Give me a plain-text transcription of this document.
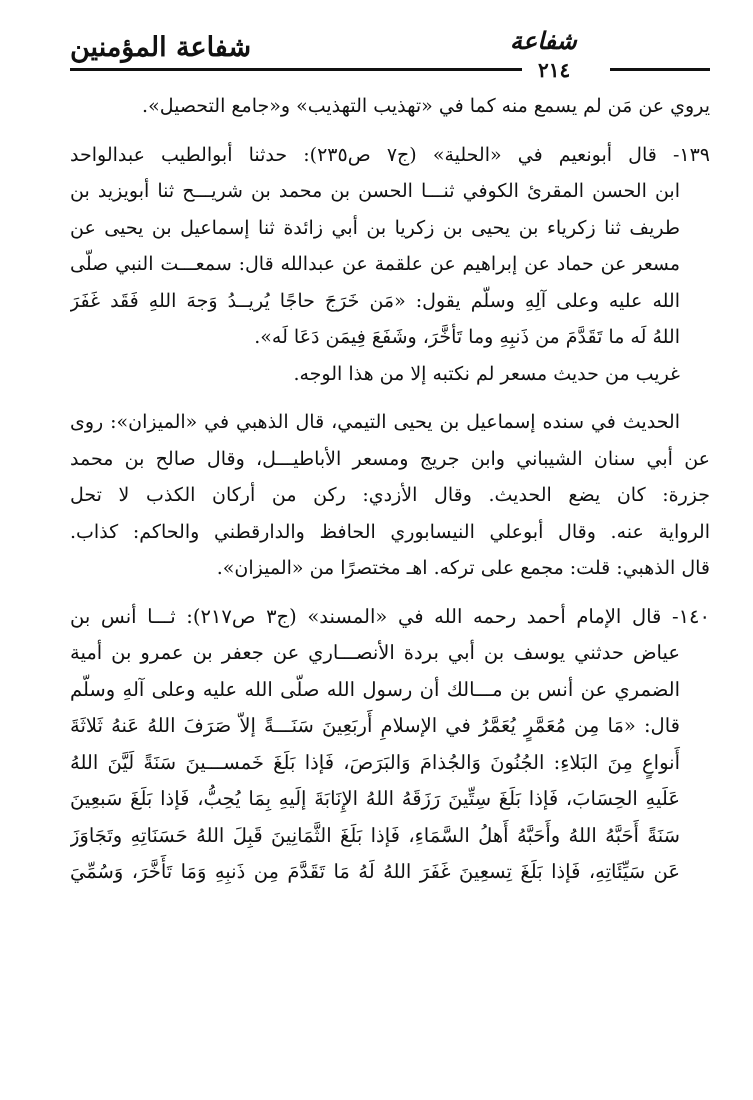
شفاعة المؤمنين	شفاعة
٢١٤
يروي عن مَن لم يسمع منه كما في «تهذيب التهذيب» و«جامع التحصيل».
١٣٩- قال أبونعيم في «الحلية» (ج٧ ص٢٣٥): حدثنا أبوالطيب عبدالواحد
ابن الحسن المقرئ الكوفي ثنـــا الحسن بن محمد بن شريـــح ثنا أبويزيد بن
طريف ثنا زكرياء بن يحيى بن زكريا بن أبي زائدة ثنا إسماعيل بن يحيى عن
مسعر عن حماد عن إبراهيم عن علقمة عن عبدالله قال: سمعـــت النبي صلّى
الله عليه وعلى آلِهِ وسلّم يقول: «مَن خَرَجَ حاجًا يُريــدُ وَجهَ اللهِ فَقَد غَفَرَ
اللهُ لَه ما تَقَدَّمَ من ذَنبِهِ وما تَأخَّرَ، وشَفَعَ فِيمَن دَعَا لَه».
غريب من حديث مسعر لم نكتبه إلا من هذا الوجه.
الحديث في سنده إسماعيل بن يحيى التيمي، قال الذهبي في «الميزان»: روى
عن أبي سنان الشيباني وابن جريج ومسعر الأباطيـــل، وقال صالح بن محمد
جزرة: كان يضع الحديث. وقال الأزدي: ركن من أركان الكذب لا تحل
الرواية عنه. وقال أبوعلي النيسابوري الحافظ والدارقطني والحاكم: كذاب.
قال الذهبي: قلت: مجمع على تركه. اهـ مختصرًا من «الميزان».
١٤٠- قال الإمام أحمد رحمه الله في «المسند» (ج٣ ص٢١٧): ثـــا أنس بن
عياض حدثني يوسف بن أبي بردة الأنصـــاري عن جعفر بن عمرو بن أمية
الضمري عن أنس بن مـــالك أن رسول الله صلّى الله عليه وعلى آلهِ وسلّم
قال: «مَا مِن مُعَمَّرٍ يُعَمَّرُ في الإسلامِ أَربَعِينَ سَنَـــةً إلاّ صَرَفَ اللهُ عَنهُ ثَلاثَةَ
أَنواعٍ مِنَ البَلاءِ: الجُنُونَ وَالجُذامَ وَالبَرَصَ، فَإذا بَلَغَ خَمســـينَ سَنَةً لَيَّنَ اللهُ
عَلَيهِ الحِسَابَ، فَإذا بَلَغَ سِتِّينَ رَزَقَهُ اللهُ الإِنَابَةَ إلَيهِ بِمَا يُحِبُّ، فَإذا بَلَغَ سَبعِينَ
سَنَةً أَحَبَّهُ اللهُ وأَحَبَّهُ أَهلُ السَّمَاءِ، فَإذا بَلَغَ الثَّمَانِينَ قَبِلَ اللهُ حَسَنَاتِهِ وتَجَاوَزَ
عَن سَيِّئَاتِهِ، فَإذا بَلَغَ تِسعِينَ غَفَرَ اللهُ لَهُ مَا تَقَدَّمَ مِن ذَنبِهِ وَمَا تَأَخَّرَ، وَسُمِّيَ
